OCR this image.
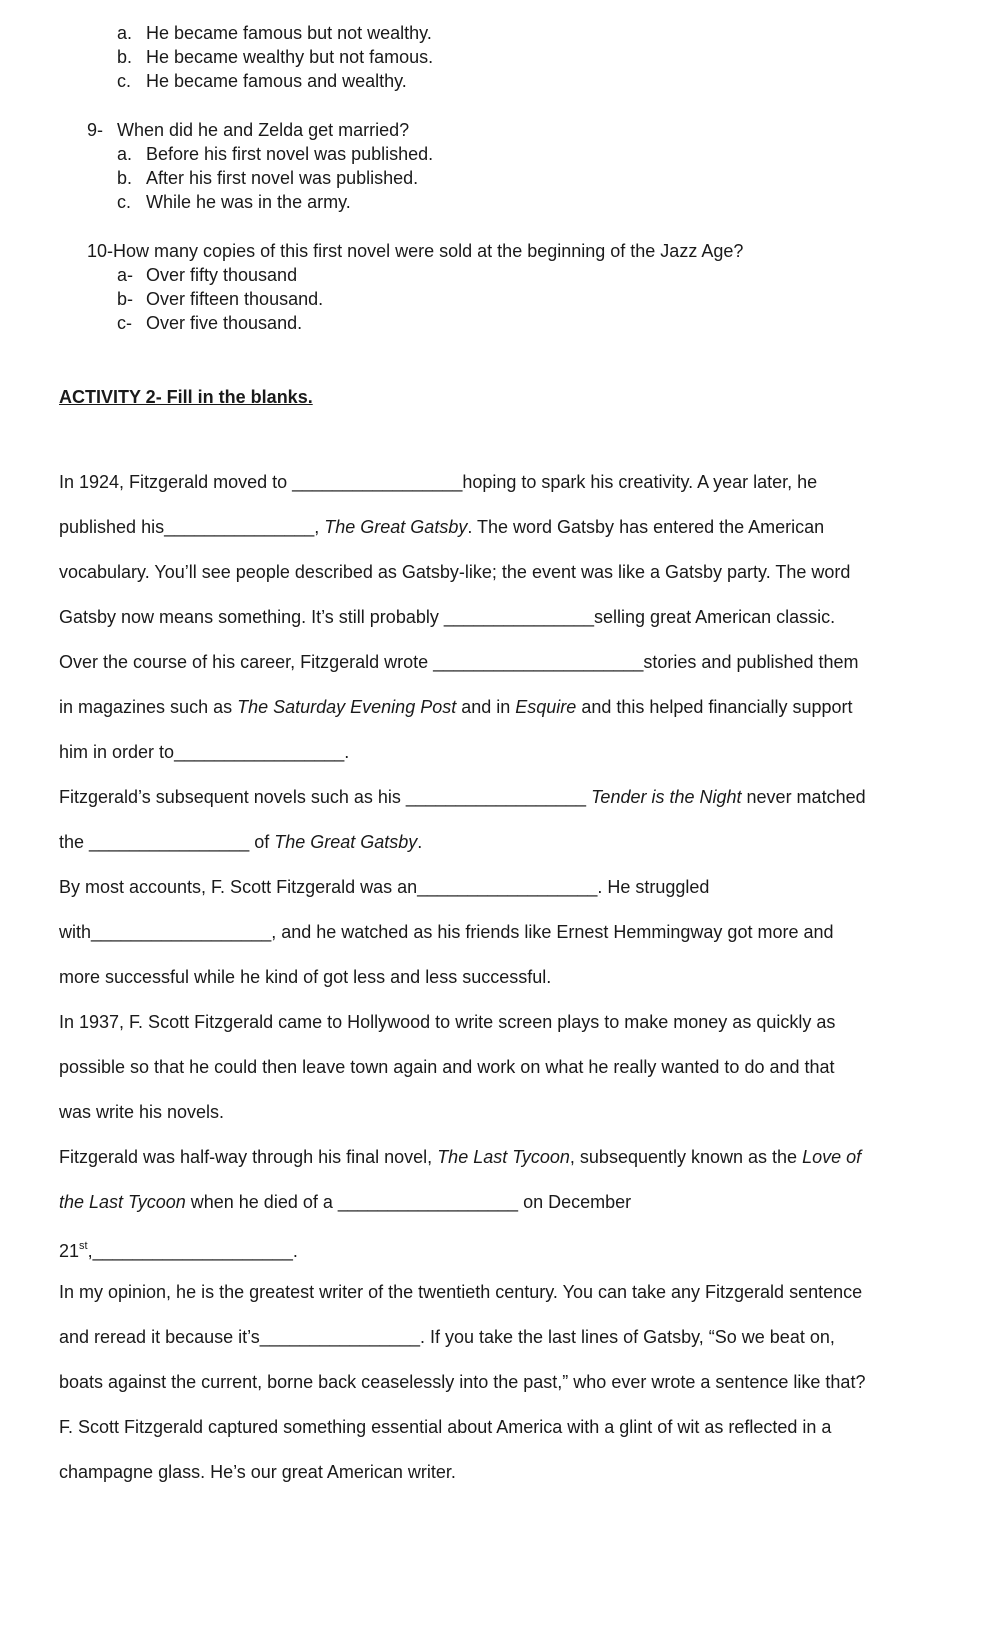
a. He became famous but not wealthy.
b. He became wealthy but not famous.
c. He became famous and wealthy.
9- When did he and Zelda get married?
a. Before his first novel was published.
b. After his first novel was published.
c. While he was in the army.
10-How many copies of this first novel were sold at the beginning of the Jazz Age?
a- Over fifty thousand
b- Over fifteen thousand.
c- Over five thousand.
ACTIVITY 2- Fill in the blanks.
In 1924, Fitzgerald moved to _________________hoping to spark his creativity. A year later, he
published his_______________, The Great Gatsby. The word Gatsby has entered the American
vocabulary. You’ll see people described as Gatsby-like; the event was like a Gatsby party. The word
Gatsby now means something. It’s still probably _______________selling great American classic.
Over the course of his career, Fitzgerald wrote _____________________stories and published them
in magazines such as The Saturday Evening Post and in Esquire and this helped financially support
him in order to_________________.
Fitzgerald’s subsequent novels such as his __________________ Tender is the Night never matched
the ________________ of The Great Gatsby.
By most accounts, F. Scott Fitzgerald was an__________________. He struggled
with__________________, and he watched as his friends like Ernest Hemmingway got more and
more successful while he kind of got less and less successful.
In 1937, F. Scott Fitzgerald came to Hollywood to write screen plays to make money as quickly as
possible so that he could then leave town again and work on what he really wanted to do and that
was write his novels.
Fitzgerald was half-way through his final novel, The Last Tycoon, subsequently known as the Love of
the Last Tycoon when he died of a __________________ on December
21st,____________________.
In my opinion, he is the greatest writer of the twentieth century. You can take any Fitzgerald sentence
and reread it because it’s________________. If you take the last lines of Gatsby, “So we beat on,
boats against the current, borne back ceaselessly into the past,” who ever wrote a sentence like that?
F. Scott Fitzgerald captured something essential about America with a glint of wit as reflected in a
champagne glass. He’s our great American writer.
